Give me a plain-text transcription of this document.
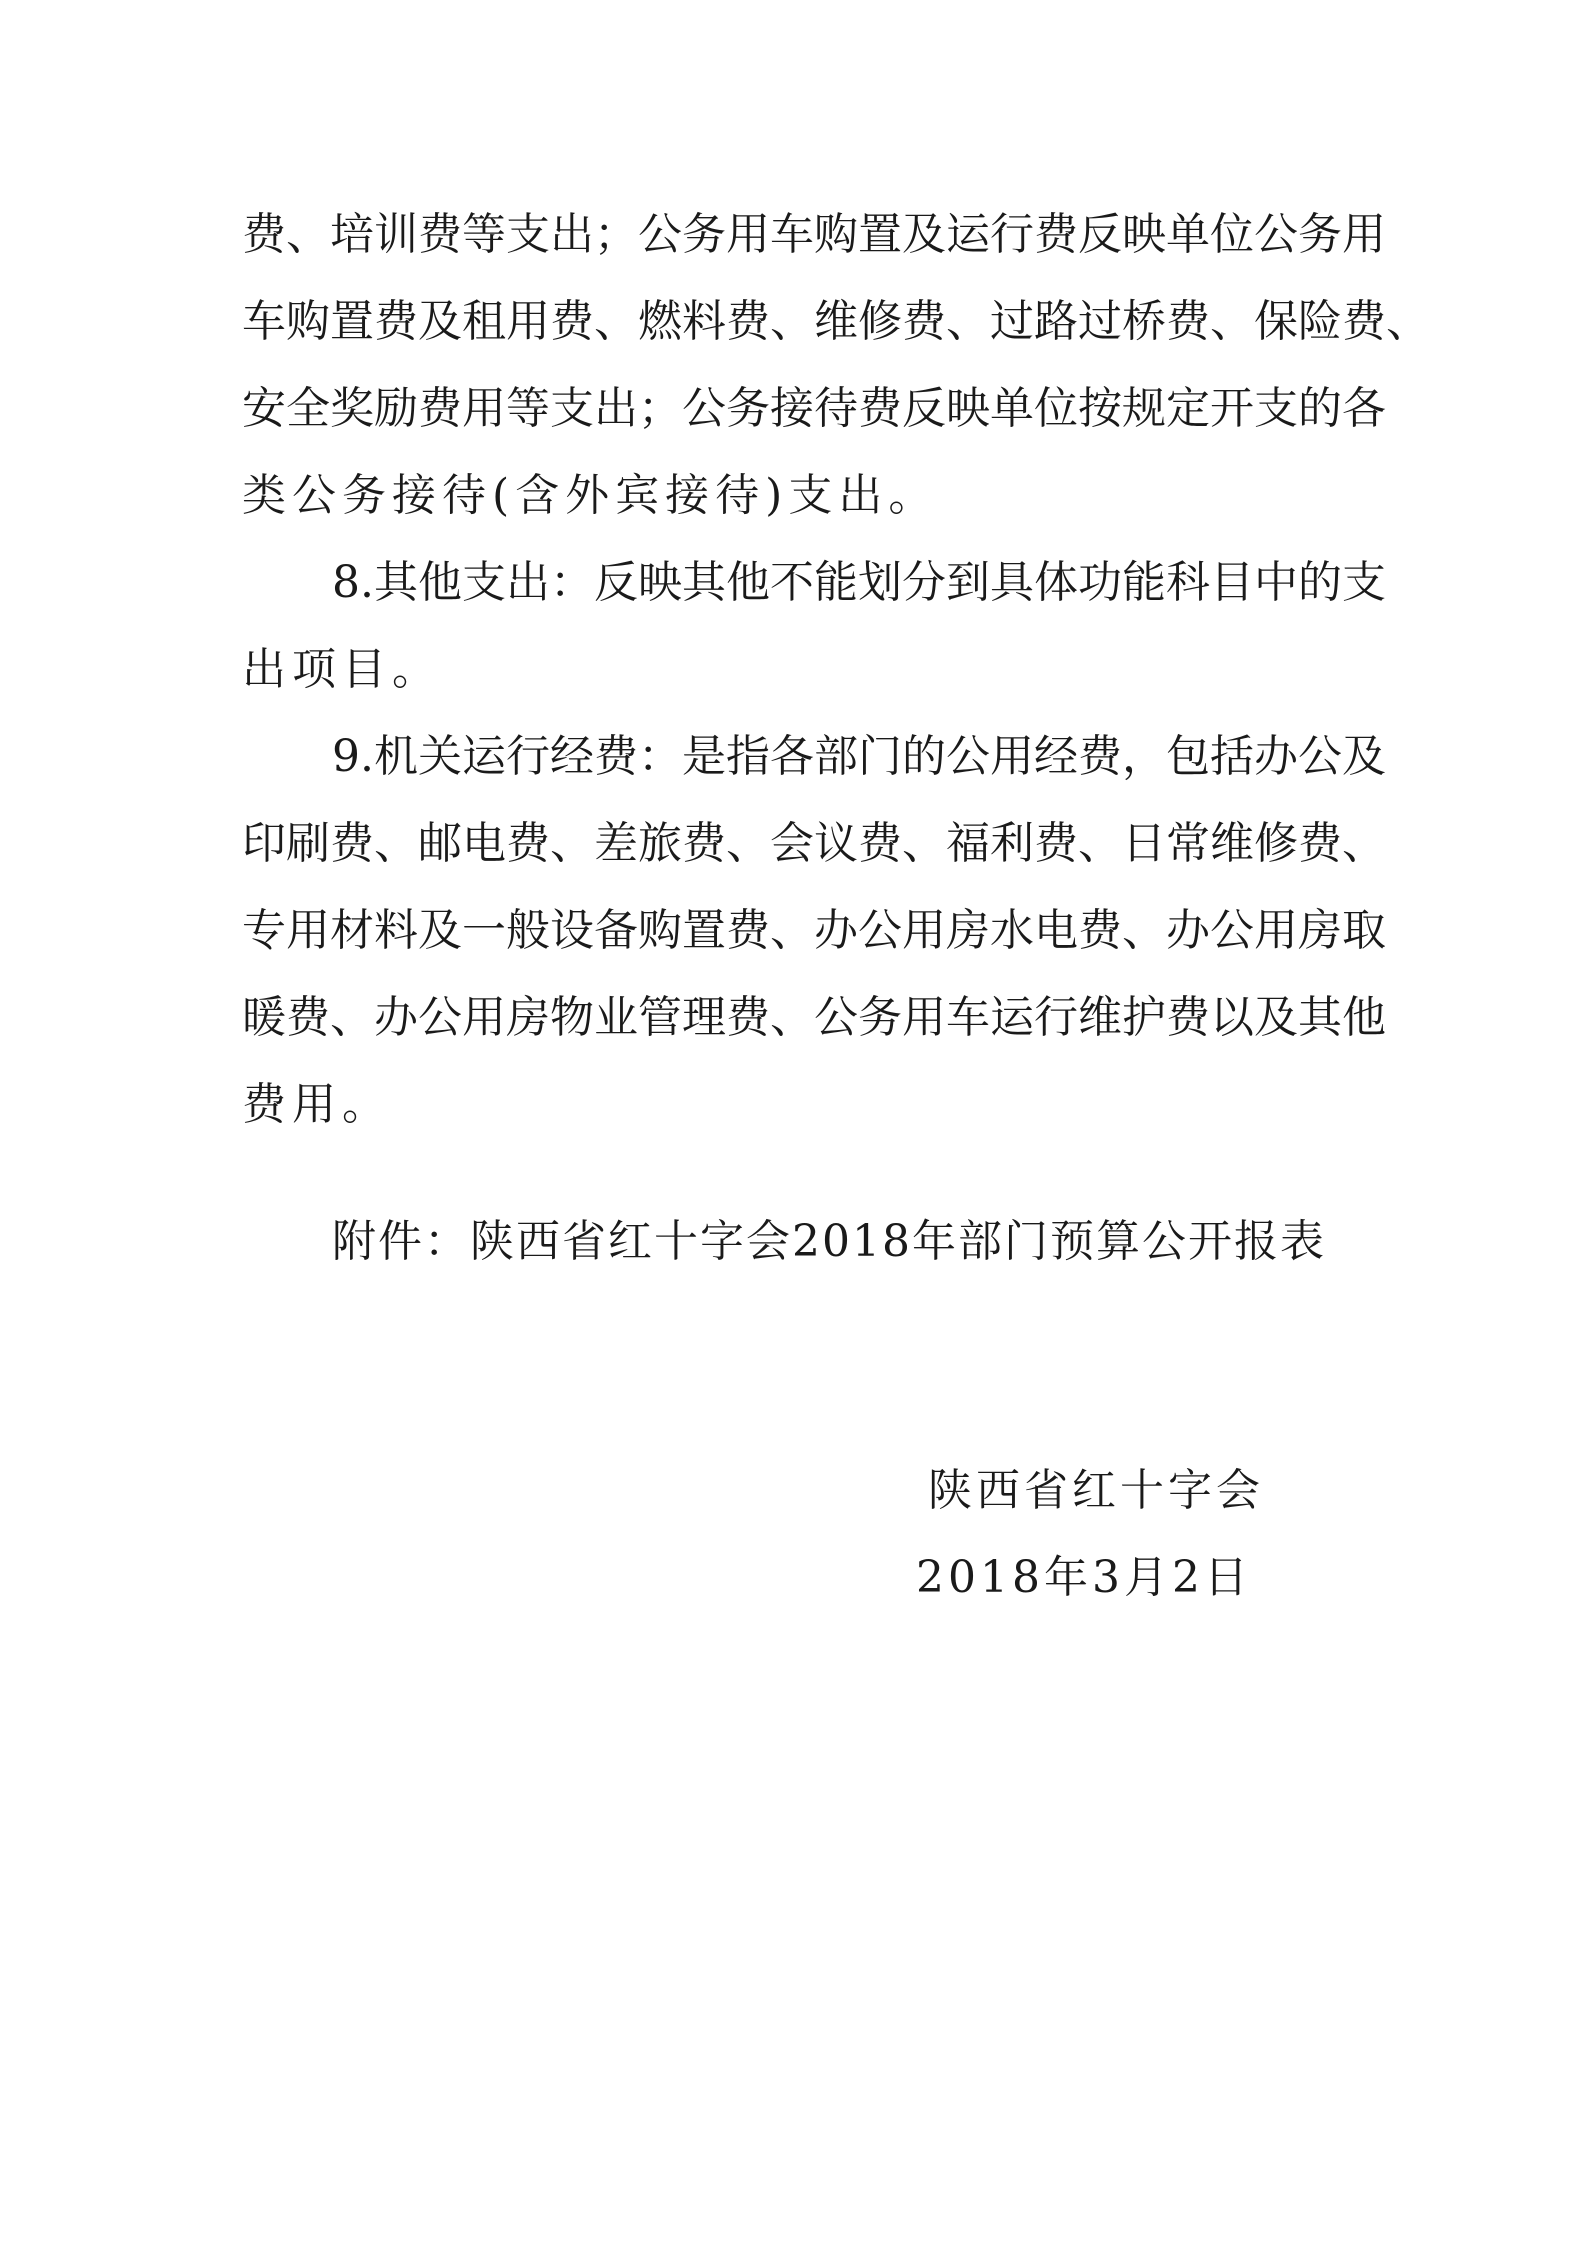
费、培训费等支出；公务用车购置及运行费反映单位公务用
车购置费及租用费、燃料费、维修费、过路过桥费、保险费、
安全奖励费用等支出；公务接待费反映单位按规定开支的各
类公务接待(含外宾接待)支出。
8.其他支出：反映其他不能划分到具体功能科目中的支
出项目。
9.机关运行经费：是指各部门的公用经费，包括办公及
印刷费、邮电费、差旅费、会议费、福利费、日常维修费、
专用材料及一般设备购置费、办公用房水电费、办公用房取
暖费、办公用房物业管理费、公务用车运行维护费以及其他
费用。
附件：陕西省红十字会2018年部门预算公开报表
陕西省红十字会
2018年3月2日
